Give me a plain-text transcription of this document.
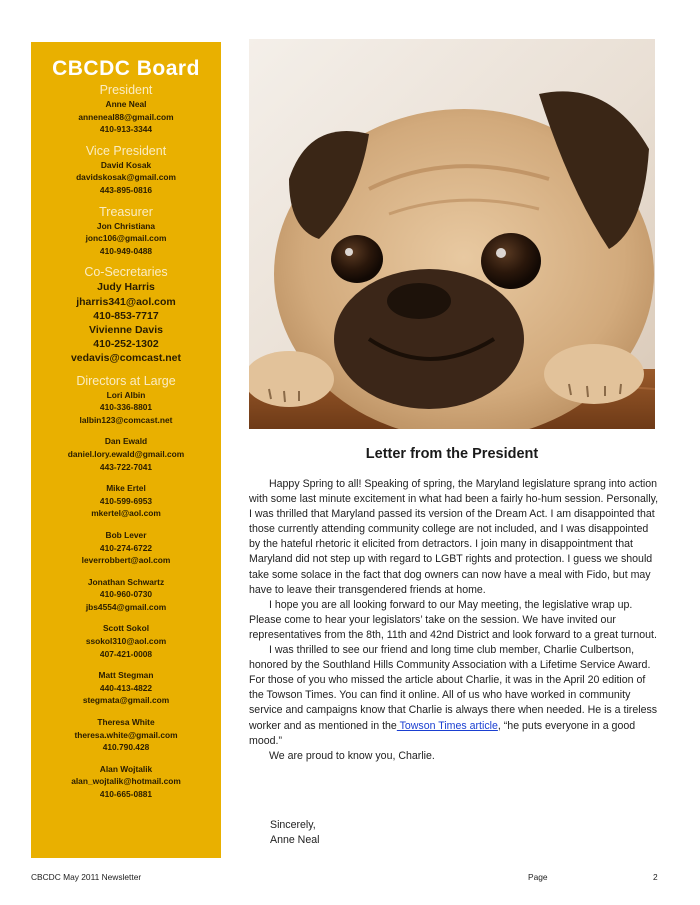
CBCDC Board
President
Anne Neal
anneneal88@gmail.com
410-913-3344
Vice President
David Kosak
davidskosak@gmail.com
443-895-0816
Treasurer
Jon Christiana
jonc106@gmail.com
410-949-0488
Co-Secretaries
Judy Harris
jharris341@aol.com
410-853-7717
Vivienne Davis
410-252-1302
vedavis@comcast.net
Directors at Large
Lori Albin
410-336-8801
lalbin123@comcast.net
Dan Ewald
daniel.lory.ewald@gmail.com
443-722-7041
Mike Ertel
410-599-6953
mkertel@aol.com
Bob Lever
410-274-6722
leverrobbert@aol.com
Jonathan Schwartz
410-960-0730
jbs4554@gmail.com
Scott Sokol
ssokol310@aol.com
407-421-0008
Matt Stegman
440-413-4822
stegmata@gmail.com
Theresa White
theresa.white@gmail.com
410.790.428
Alan Wojtalik
alan_wojtalik@hotmail.com
410-665-0881
Letter from the President

Happy Spring to all! Speaking of spring, the Maryland legislature sprang into action with some last minute excitement in what had been a fairly ho-hum session. Personally, I was thrilled that Maryland passed its version of the Dream Act. I am disappointed that those currently attending community college are not included, and I was disappointed by the hateful rhetoric it elicited from detractors. I join many in disappointment that Maryland did not step up with regard to LGBT rights and protection. I guess we should take some solace in the fact that dog owners can now have a meal with Fido, but may have to leave their transgendered friends at home.

I hope you are all looking forward to our May meeting, the legislative wrap up. Please come to hear your legislators’ take on the session. We have invited our representatives from the 8th, 11th and 42nd District and look forward to a great turnout.

I was thrilled to see our friend and long time club member, Charlie Culbertson, honored by the Southland Hills Community Association with a Lifetime Service Award. For those of you who missed the article about Charlie, it was in the April 20 edition of the Towson Times. You can find it online. All of us who have worked in community service and campaigns know that Charlie is always there when needed. He is a tireless worker and as mentioned in the Towson Times article, “he puts everyone in a good mood.”

We are proud to know you, Charlie.

Sincerely,
Anne Neal
CBCDC May 2011 Newsletter	Page	2
